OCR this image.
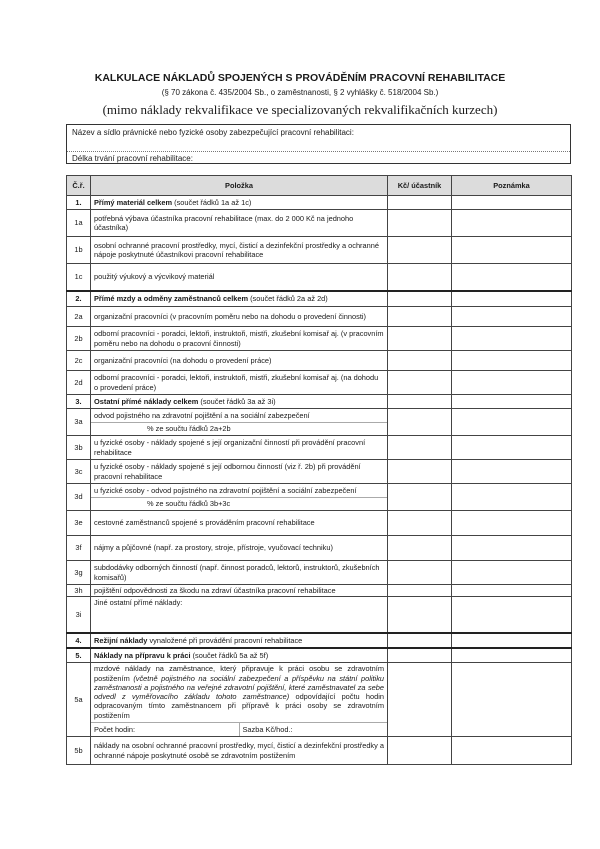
KALKULACE NÁKLADŮ SPOJENÝCH S PROVÁDĚNÍM PRACOVNÍ REHABILITACE
(§ 70 zákona č. 435/2004 Sb., o zaměstnanosti, § 2 vyhlášky č. 518/2004 Sb.)
(mimo náklady rekvalifikace ve specializovaných rekvalifikačních kurzech)
Název a sídlo právnické nebo fyzické osoby zabezpečující pracovní rehabilitaci:
Délka trvání pracovní rehabilitace:
Č.ř.	Položka	Kč/ účastník	Poznámka
1.	Přímý materiál celkem (součet řádků 1a až 1c)		
1a	potřebná výbava účastníka pracovní rehabilitace (max. do 2 000 Kč na jednoho účastníka)		
1b	osobní ochranné pracovní prostředky, mycí, čisticí a dezinfekční prostředky a ochranné nápoje poskytnuté účastníkovi pracovní rehabilitace		
1c	použitý výukový a výcvikový materiál		
2.	Přímé mzdy a odměny zaměstnanců celkem (součet řádků 2a až 2d)		
2a	organizační pracovníci (v pracovním poměru nebo na dohodu o provedení činnosti)		
2b	odborní pracovníci - poradci, lektoři, instruktoři, mistři, zkušební komisař aj. (v pracovním poměru nebo na dohodu o pracovní činnosti)		
2c	organizační pracovníci (na dohodu o provedení práce)		
2d	odborní pracovníci - poradci, lektoři, instruktoři, mistři, zkušební komisař aj. (na dohodu o provedení práce)		
3.	Ostatní přímé náklady celkem (součet řádků 3a až 3i)		
3a	odvod pojistného na zdravotní pojištění a na sociální zabezpečení
% ze součtu řádků 2a+2b		

3b	u fyzické osoby - náklady spojené s její organizační činností při provádění pracovní rehabilitace		
3c	u fyzické osoby - náklady spojené s její odbornou činností (viz ř. 2b) při provádění pracovní rehabilitace		
3d	u fyzické osoby - odvod pojistného na zdravotní pojištění a sociální zabezpečení
% ze součtu řádků 3b+3c		

3e	cestovné zaměstnanců spojené s prováděním pracovní rehabilitace		
3f	nájmy a půjčovné (např. za prostory, stroje, přístroje, vyučovací techniku)		
3g	subdodávky odborných činností (např. činnost poradců, lektorů, instruktorů, zkušebních komisařů)		
3h	pojištění odpovědnosti za škodu na zdraví účastníka pracovní rehabilitace		
3i	Jiné ostatní přímé náklady:		
4.	Režijní náklady vynaložené při provádění pracovní rehabilitace		
5.	Náklady na přípravu k práci (součet řádků 5a až 5f)		
5a	mzdové náklady na zaměstnance, který připravuje k práci osobu se zdravotním postižením (včetně pojistného na sociální zabezpečení a příspěvku na státní politiku zaměstnanosti a pojistného na veřejné zdravotní pojištění, které zaměstnavatel za sebe odvedl z vyměřovacího základu tohoto zaměstnance) odpovídající počtu hodin odpracovaným tímto zaměstnancem při přípravě k práci osoby se zdravotním postižením
Počet hodin: Sazba Kč/hod.:		

5b	náklady na osobní ochranné pracovní prostředky, mycí, čisticí a dezinfekční prostředky a ochranné nápoje poskytnuté osobě se zdravotním postižením		
